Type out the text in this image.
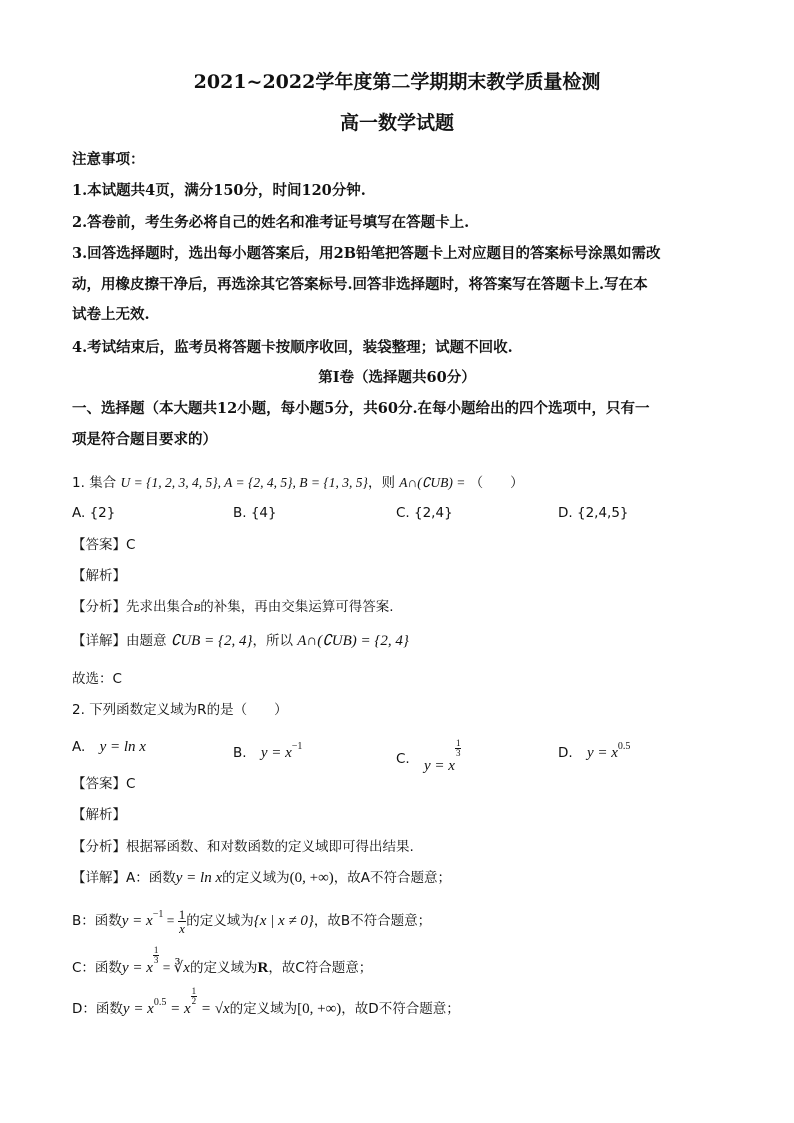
2021~2022学年度第二学期期末教学质量检测
高一数学试题
注意事项：
1.本试题共4页，满分150分，时间120分钟.
2.答卷前，考生务必将自己的姓名和准考证号填写在答题卡上.
3.回答选择题时，选出每小题答案后，用2B铅笔把答题卡上对应题目的答案标号涂黑如需改
动，用橡皮擦干净后，再选涂其它答案标号.回答非选择题时，将答案写在答题卡上.写在本
试卷上无效.
4.考试结束后，监考员将答题卡按顺序收回，装袋整理；试题不回收.
第Ⅰ卷（选择题共60分）
一、选择题（本大题共12小题，每小题5分，共60分.在每小题给出的四个选项中，只有一
项是符合题目要求的）
1. 集合 U = {1, 2, 3, 4, 5}, A = {2, 4, 5}, B = {1, 3, 5}，则 A∩(∁UB) = （　　）
A. {2}	B. {4}	C. {2,4}	D. {2,4,5}
【答案】C
【解析】
【分析】先求出集合B的补集，再由交集运算可得答案.
【详解】由题意 ∁UB = {2, 4}，所以 A∩(∁UB) = {2, 4}
故选：C
2. 下列函数定义域为R的是（　　）
A. y = ln x	B. $y = x^{-1}$
C. y = x
$\frac{1}{3}$	D. $y = x^{0.5}$
【答案】C
【解析】
【分析】根据幂函数、和对数函数的定义域即可得出结果.
【详解】A：函数y = ln x的定义域为(0, +∞)，故A不符合题意；
B：函数$y = x^{-1} = \frac{1}{x}$ 的定义域为{x | x ≠ 0}，故B不符合题意；
C：函数y = x
$\frac{1}{3}$
= ∛x的定义域为R，故C符合题意；
D：函数$y = x^{0.5} = x$
$\frac{1}{2}$
= √x的定义域为[0, +∞)，故D不符合题意；
